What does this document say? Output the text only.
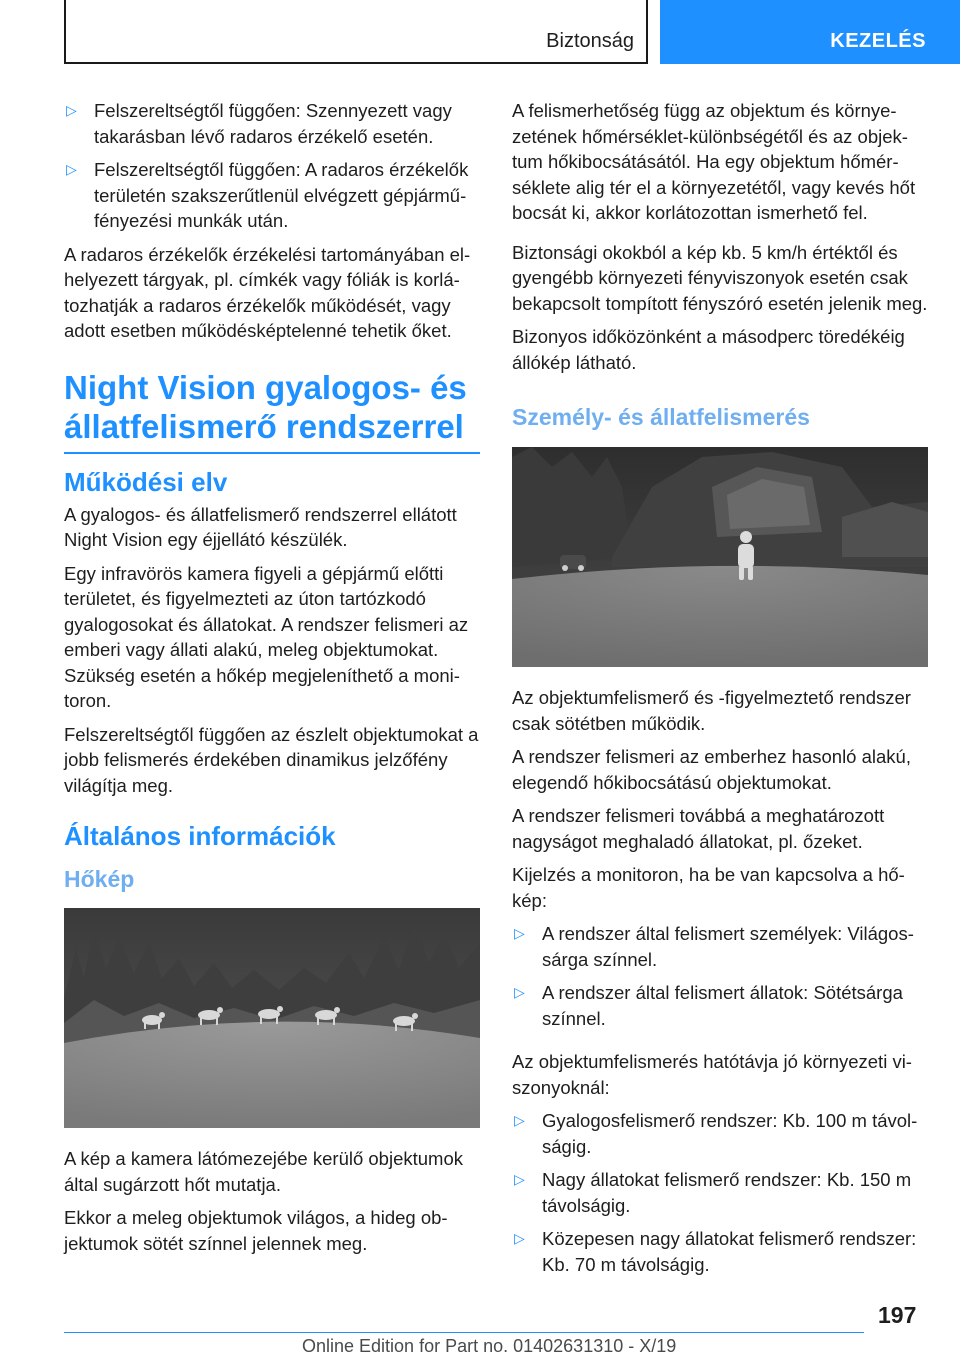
Biztonság	KEZELÉS
▷ Felszereltségtől függően: Szennyezett vagy takarásban lévő radaros érzékelő esetén.
▷ Felszereltségtől függően: A radaros érzékelők területén szakszerűtlenül elvégzett gépjármű-fényezési munkák után.

A radaros érzékelők érzékelési tartományában el-helyezett tárgyak, pl. címkék vagy fóliák is korlá-tozhatják a radaros érzékelők működését, vagy adott esetben működésképtelenné tehetik őket.

Night Vision gyalogos- és állatfelismerő rendszerrel
Működési elv

A gyalogos- és állatfelismerő rendszerrel ellátott Night Vision egy éjjellátó készülék.

Egy infravörös kamera figyeli a gépjármű előtti területet, és figyelmezteti az úton tartózkodó gyalogosokat és állatokat. A rendszer felismeri az emberi vagy állati alakú, meleg objektumokat. Szükség esetén a hőkép megjeleníthető a moni-toron.

Felszereltségtől függően az észlelt objektumokat a jobb felismerés érdekében dinamikus jelzőfény világítja meg.

Általános információk
Hőkép

A kép a kamera látómezejébe kerülő objektumok által sugárzott hőt mutatja.

Ekkor a meleg objektumok világos, a hideg ob-jektumok sötét színnel jelennek meg.

A felismerhetőség függ az objektum és környe-zetének hőmérséklet-különbségétől és az objek-tum hőkibocsátásától. Ha egy objektum hőmér-séklete alig tér el a környezetétől, vagy kevés hőt bocsát ki, akkor korlátozottan ismerhető fel.

Biztonsági okokból a kép kb. 5 km/h értéktől és gyengébb környezeti fényviszonyok esetén csak bekapcsolt tompított fényszóró esetén jelenik meg.

Bizonyos időközönként a másodperc töredékéig állókép látható.

Személy- és állatfelismerés

Az objektumfelismerő és -figyelmeztető rendszer csak sötétben működik.

A rendszer felismeri az emberhez hasonló alakú, elegendő hőkibocsátású objektumokat.

A rendszer felismeri továbbá a meghatározott nagyságot meghaladó állatokat, pl. őzeket.

Kijelzés a monitoron, ha be van kapcsolva a hő-kép:

▷ A rendszer által felismert személyek: Világos-sárga színnel.
▷ A rendszer által felismert állatok: Sötétsárga színnel.

Az objektumfelismerés hatótávja jó környezeti vi-szonyoknál:

▷ Gyalogosfelismerő rendszer: Kb. 100 m távol-ságig.
▷ Nagy állatokat felismerő rendszer: Kb. 150 m távolságig.
▷ Közepesen nagy állatokat felismerő rendszer: Kb. 70 m távolságig.
197
Online Edition for Part no. 01402631310 - X/19
